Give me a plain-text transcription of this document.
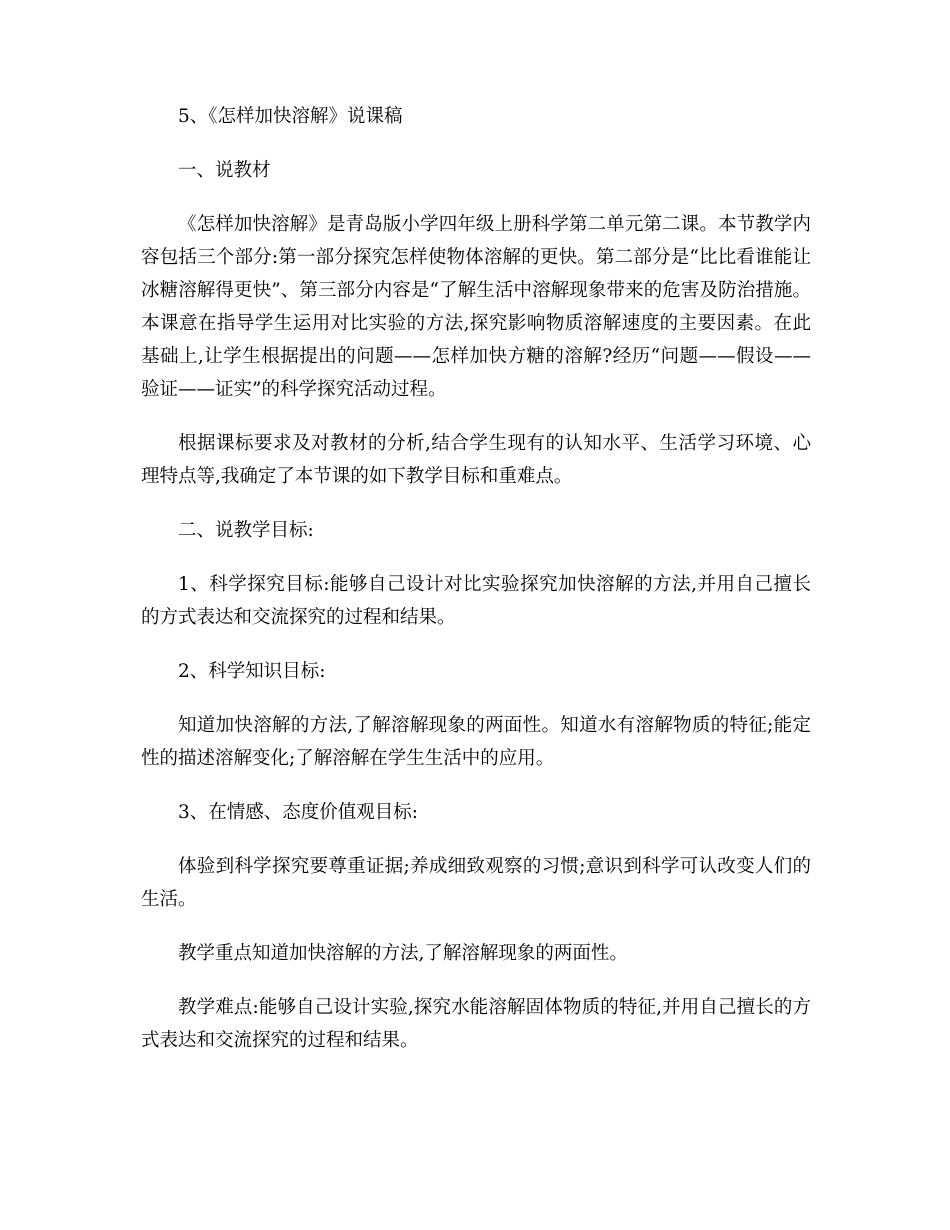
5、《怎样加快溶解》说课稿

一、说教材

《怎样加快溶解》是青岛版小学四年级上册科学第二单元第二课。本节教学内容包括三个部分:第一部分探究怎样使物体溶解的更快。第二部分是“比比看谁能让冰糖溶解得更快”、第三部分内容是“了解生活中溶解现象带来的危害及防治措施。本课意在指导学生运用对比实验的方法,探究影响物质溶解速度的主要因素。在此基础上,让学生根据提出的问题——怎样加快方糖的溶解?经历“问题——假设——验证——证实”的科学探究活动过程。

根据课标要求及对教材的分析,结合学生现有的认知水平、生活学习环境、心理特点等,我确定了本节课的如下教学目标和重难点。

二、说教学目标:

1、科学探究目标:能够自己设计对比实验探究加快溶解的方法,并用自己擅长的方式表达和交流探究的过程和结果。

2、科学知识目标:

知道加快溶解的方法,了解溶解现象的两面性。知道水有溶解物质的特征;能定性的描述溶解变化;了解溶解在学生生活中的应用。

3、在情感、态度价值观目标:

体验到科学探究要尊重证据;养成细致观察的习惯;意识到科学可认改变人们的生活。

教学重点知道加快溶解的方法,了解溶解现象的两面性。

教学难点:能够自己设计实验,探究水能溶解固体物质的特征,并用自己擅长的方式表达和交流探究的过程和结果。
